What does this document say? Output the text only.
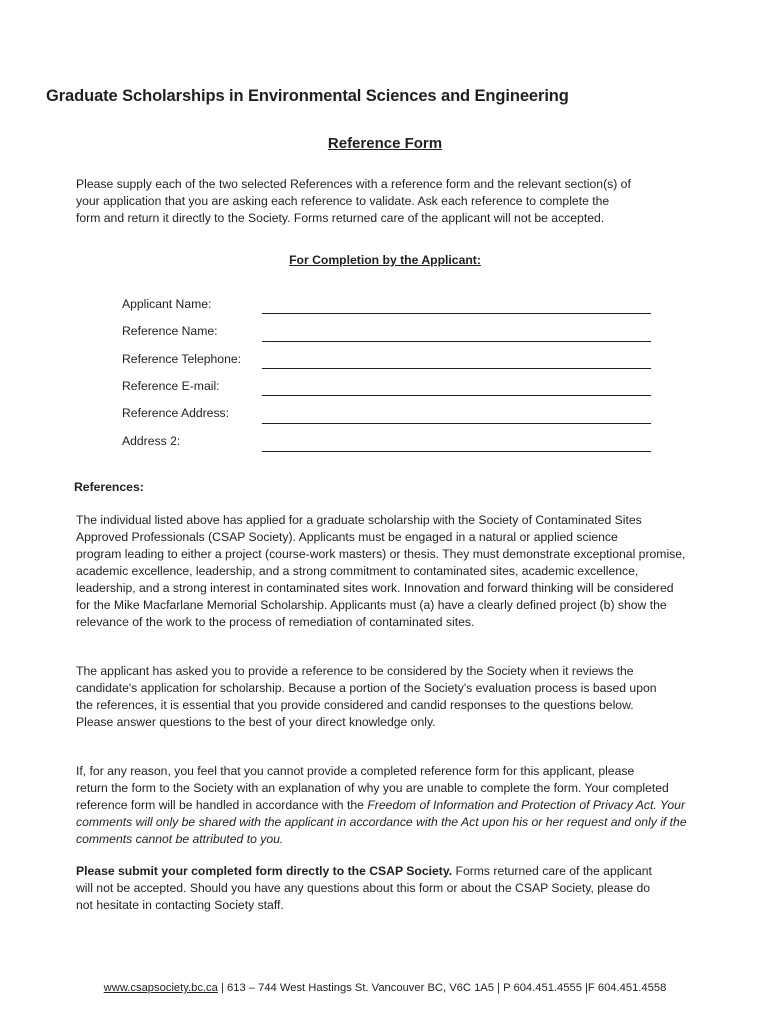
Graduate Scholarships in Environmental Sciences and Engineering
Reference Form
Please supply each of the two selected References with a reference form and the relevant section(s) of
your application that you are asking each reference to validate. Ask each reference to complete the
form and return it directly to the Society. Forms returned care of the applicant will not be accepted.
For Completion by the Applicant:
Applicant Name:
Reference Name:
Reference Telephone:
Reference E-mail:
Reference Address:
Address 2:
References:
The individual listed above has applied for a graduate scholarship with the Society of Contaminated Sites
Approved Professionals (CSAP Society). Applicants must be engaged in a natural or applied science
program leading to either a project (course-work masters) or thesis. They must demonstrate exceptional promise,
academic excellence, leadership, and a strong commitment to contaminated sites, academic excellence,
leadership, and a strong interest in contaminated sites work. Innovation and forward thinking will be considered
for the Mike Macfarlane Memorial Scholarship. Applicants must (a) have a clearly defined project (b) show the
relevance of the work to the process of remediation of contaminated sites.
The applicant has asked you to provide a reference to be considered by the Society when it reviews the
candidate's application for scholarship. Because a portion of the Society's evaluation process is based upon
the references, it is essential that you provide considered and candid responses to the questions below.
Please answer questions to the best of your direct knowledge only.
If, for any reason, you feel that you cannot provide a completed reference form for this applicant, please
return the form to the Society with an explanation of why you are unable to complete the form. Your completed
reference form will be handled in accordance with the Freedom of Information and Protection of Privacy Act. Your
comments will only be shared with the applicant in accordance with the Act upon his or her request and only if the
comments cannot be attributed to you.
Please submit your completed form directly to the CSAP Society. Forms returned care of the applicant
will not be accepted. Should you have any questions about this form or about the CSAP Society, please do
not hesitate in contacting Society staff.
www.csapsociety.bc.ca | 613 – 744 West Hastings St. Vancouver BC, V6C 1A5 | P 604.451.4555 |F 604.451.4558
